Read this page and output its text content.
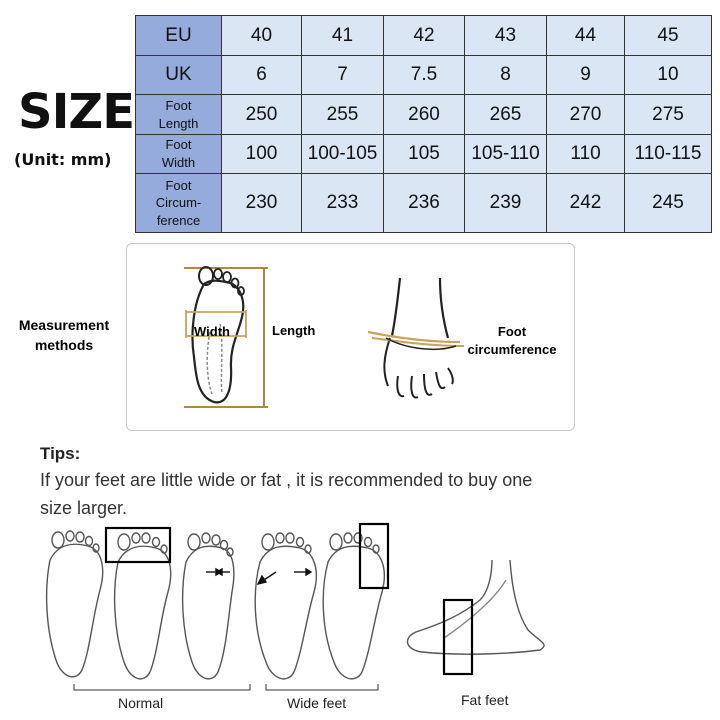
SIZE
(Unit: mm)
EU	40	41	42	43	44	45
UK	6	7	7.5	8	9	10

Foot
Length	250	255	260	265	270	275

Foot
Width	100	100-105	105	105-110	110	110-115

Foot
Circum-
ference	230	233	236	239	242	245
Measurement
methods
Width	Length	Foot
circumference
Tips:
If your feet are little wide or fat , it is recommended to buy one size larger.
Normal	Wide feet	Fat feet
